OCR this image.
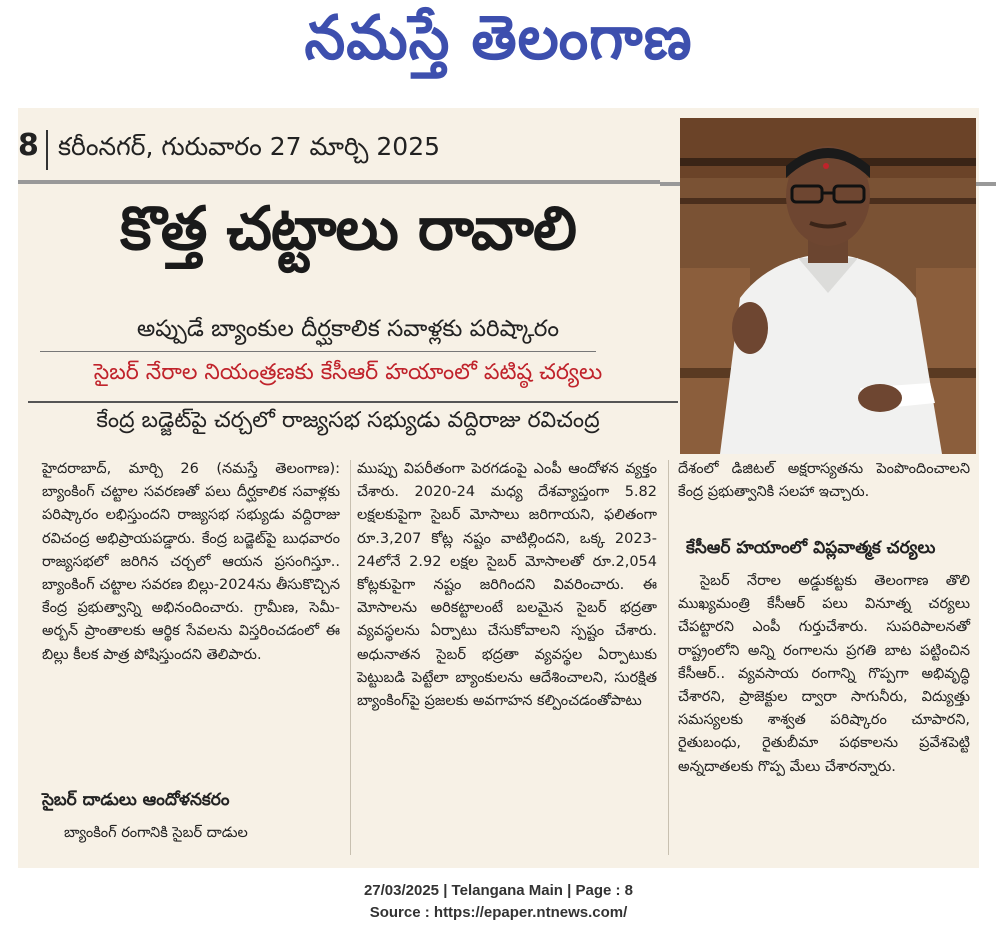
నమస్తే తెలంగాణ
8 కరీంనగర్, గురువారం 27 మార్చి 2025
కొత్త చట్టాలు రావాలి
అప్పుడే బ్యాంకుల దీర్ఘకాలిక సవాళ్లకు పరిష్కారం
సైబర్ నేరాల నియంత్రణకు కేసీఆర్ హయాంలో పటిష్ఠ చర్యలు
కేంద్ర బడ్జెట్‌పై చర్చలో రాజ్యసభ సభ్యుడు వద్దిరాజు రవిచంద్ర

హైదరాబాద్, మార్చి 26 (నమస్తే తెలంగాణ): బ్యాంకింగ్ చట్టాల సవరణతో పలు దీర్ఘకాలిక సవాళ్లకు పరిష్కారం లభిస్తుందని రాజ్యసభ సభ్యుడు వద్దిరాజు రవిచంద్ర అభిప్రాయపడ్డారు. కేంద్ర బడ్జెట్‌పై బుధవారం రాజ్యసభలో జరిగిన చర్చలో ఆయన ప్రసంగిస్తూ.. బ్యాంకింగ్ చట్టాల సవరణ బిల్లు-2024ను తీసుకొచ్చిన కేంద్ర ప్రభుత్వాన్ని అభినందించారు. గ్రామీణ, సెమీ-అర్బన్ ప్రాంతాలకు ఆర్థిక సేవలను విస్తరించడంలో ఈ బిల్లు కీలక పాత్ర పోషిస్తుందని తెలిపారు.

సైబర్ దాడులు ఆందోళనకరం

బ్యాంకింగ్ రంగానికి సైబర్ దాడుల

ముప్పు విపరీతంగా పెరగడంపై ఎంపీ ఆందోళన వ్యక్తం చేశారు. 2020-24 మధ్య దేశవ్యాప్తంగా 5.82 లక్షలకుపైగా సైబర్ మోసాలు జరిగాయని, ఫలితంగా రూ.3,207 కోట్ల నష్టం వాటిల్లిందని, ఒక్క 2023-24లోనే 2.92 లక్షల సైబర్ మోసాలతో రూ.2,054 కోట్లకుపైగా నష్టం జరిగిందని వివరించారు. ఈ మోసాలను అరికట్టాలంటే బలమైన సైబర్ భద్రతా వ్యవస్థలను ఏర్పాటు చేసుకోవాలని స్పష్టం చేశారు. అధునాతన సైబర్ భద్రతా వ్యవస్థల ఏర్పాటుకు పెట్టుబడి పెట్టేలా బ్యాంకులను ఆదేశించాలని, సురక్షిత బ్యాంకింగ్‌పై ప్రజలకు అవగాహన కల్పించడంతోపాటు

దేశంలో డిజిటల్ అక్షరాస్యతను పెంపొందించాలని కేంద్ర ప్రభుత్వానికి సలహా ఇచ్చారు.

కేసీఆర్ హయాంలో విప్లవాత్మక చర్యలు

సైబర్ నేరాల అడ్డుకట్టకు తెలంగాణ తొలి ముఖ్యమంత్రి కేసీఆర్ పలు వినూత్న చర్యలు చేపట్టారని ఎంపీ గుర్తుచేశారు. సుపరిపాలనతో రాష్ట్రంలోని అన్ని రంగాలను ప్రగతి బాట పట్టించిన కేసీఆర్.. వ్యవసాయ రంగాన్ని గొప్పగా అభివృద్ధి చేశారని, ప్రాజెక్టుల ద్వారా సాగునీరు, విద్యుత్తు సమస్యలకు శాశ్వత పరిష్కారం చూపారని, రైతుబంధు, రైతుబీమా పథకాలను ప్రవేశపెట్టి అన్నదాతలకు గొప్ప మేలు చేశారన్నారు.

27/03/2025 | Telangana Main | Page : 8
Source : https://epaper.ntnews.com/
